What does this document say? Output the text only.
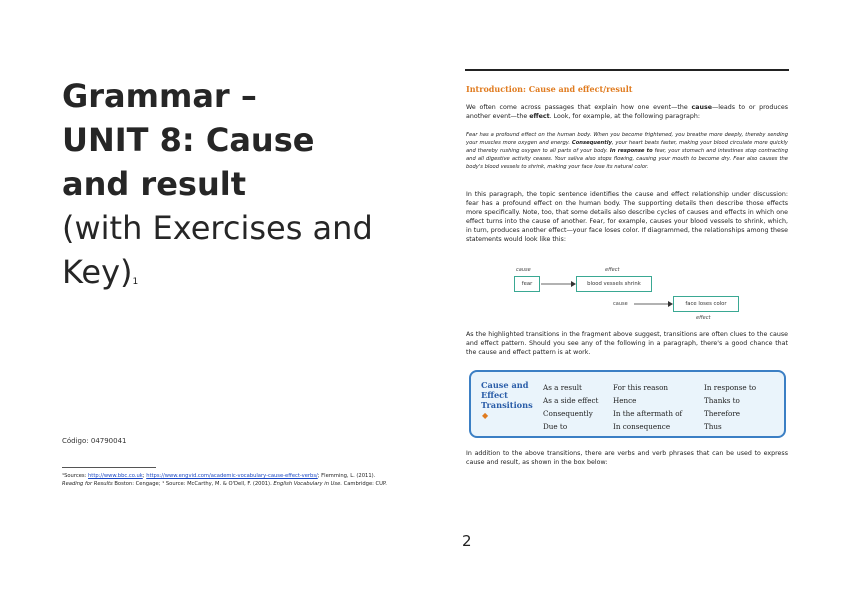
Grammar –
UNIT 8: Cause
and result
(with Exercises and
Key)$^1$
Código: 04790041
¹Sources: http://www.bbc.co.uk; https://www.engvid.com/academic-vocabulary-cause-effect-verbs/; Flemming, L. (2011). Reading for Results Boston: Cengage; ¹ Source: McCarthy, M. & O'Dell, F. (2001). English Vocabulary in Use. Cambridge: CUP.
Introduction: Cause and effect/result
We often come across passages that explain how one event—the cause—leads to or produces another event—the effect. Look, for example, at the following paragraph:
Fear has a profound effect on the human body. When you become frightened, you breathe more deeply, thereby sending your muscles more oxygen and energy. Consequently, your heart beats faster, making your blood circulate more quickly and thereby rushing oxygen to all parts of your body. In response to fear, your stomach and intestines stop contracting and all digestive activity ceases. Your saliva also stops flowing, causing your mouth to become dry. Fear also causes the body's blood vessels to shrink, making your face lose its natural color.
In this paragraph, the topic sentence identifies the cause and effect relationship under discussion: fear has a profound effect on the human body. The supporting details then describe those effects more specifically. Note, too, that some details also describe cycles of causes and effects in which one effect turns into the cause of another. Fear, for example, causes your blood vessels to shrink, which, in turn, produces another effect—your face loses color. If diagrammed, the relationships among these statements would look like this:
cause	effect
fear	blood vessels shrink
cause	face loses color
effect
As the highlighted transitions in the fragment above suggest, transitions are often clues to the cause and effect pattern. Should you see any of the following in a paragraph, there's a good chance that the cause and effect pattern is at work.
Cause and Effect Transitions
◆
As a result
As a side effect
Consequently
Due to
For this reason
Hence
In the aftermath of
In consequence
In response to
Thanks to
Therefore
Thus
In addition to the above transitions, there are verbs and verb phrases that can be used to express cause and result, as shown in the box below:
2
